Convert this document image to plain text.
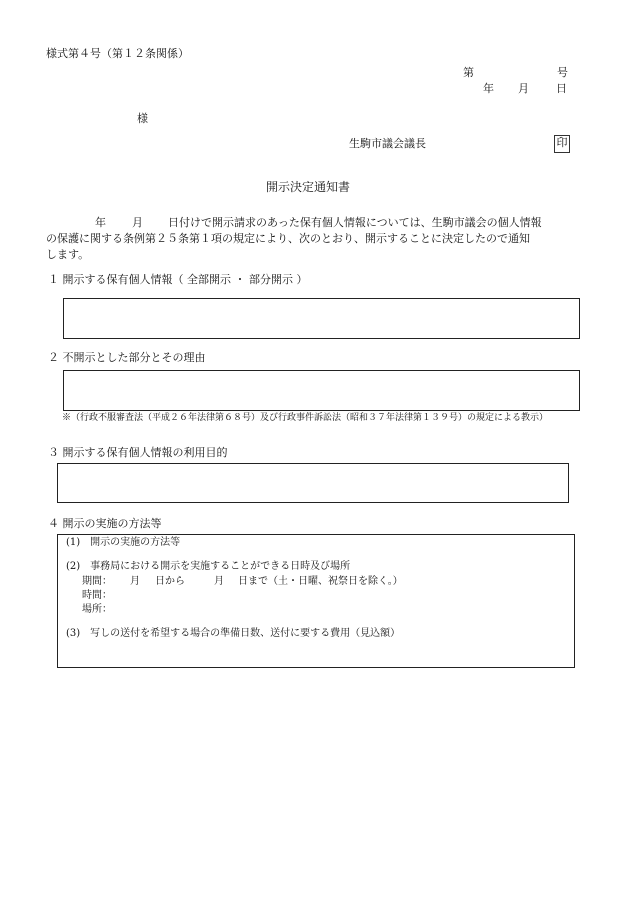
様式第４号（第１２条関係）
第	号
年 月 日
様
生駒市議会議長	印
開示決定通知書
年 月 日付けで開示請求のあった保有個人情報については、生駒市議会の個人情報
の保護に関する条例第２５条第１項の規定により、次のとおり、開示することに決定したので通知
します。
１ 開示する保有個人情報（ 全部開示 ・ 部分開示 ）
２ 不開示とした部分とその理由
※（行政不服審査法（平成２６年法律第６８号）及び行政事件訴訟法（昭和３７年法律第１３９号）の規定による教示）
３ 開示する保有個人情報の利用目的
４ 開示の実施の方法等
(1)　開示の実施の方法等
(2)　事務局における開示を実施することができる日時及び場所
期間： 月 日から	月 日まで（土・日曜、祝祭日を除く。）
時間：
場所：
(3)　写しの送付を希望する場合の準備日数、送付に要する費用（見込額）
